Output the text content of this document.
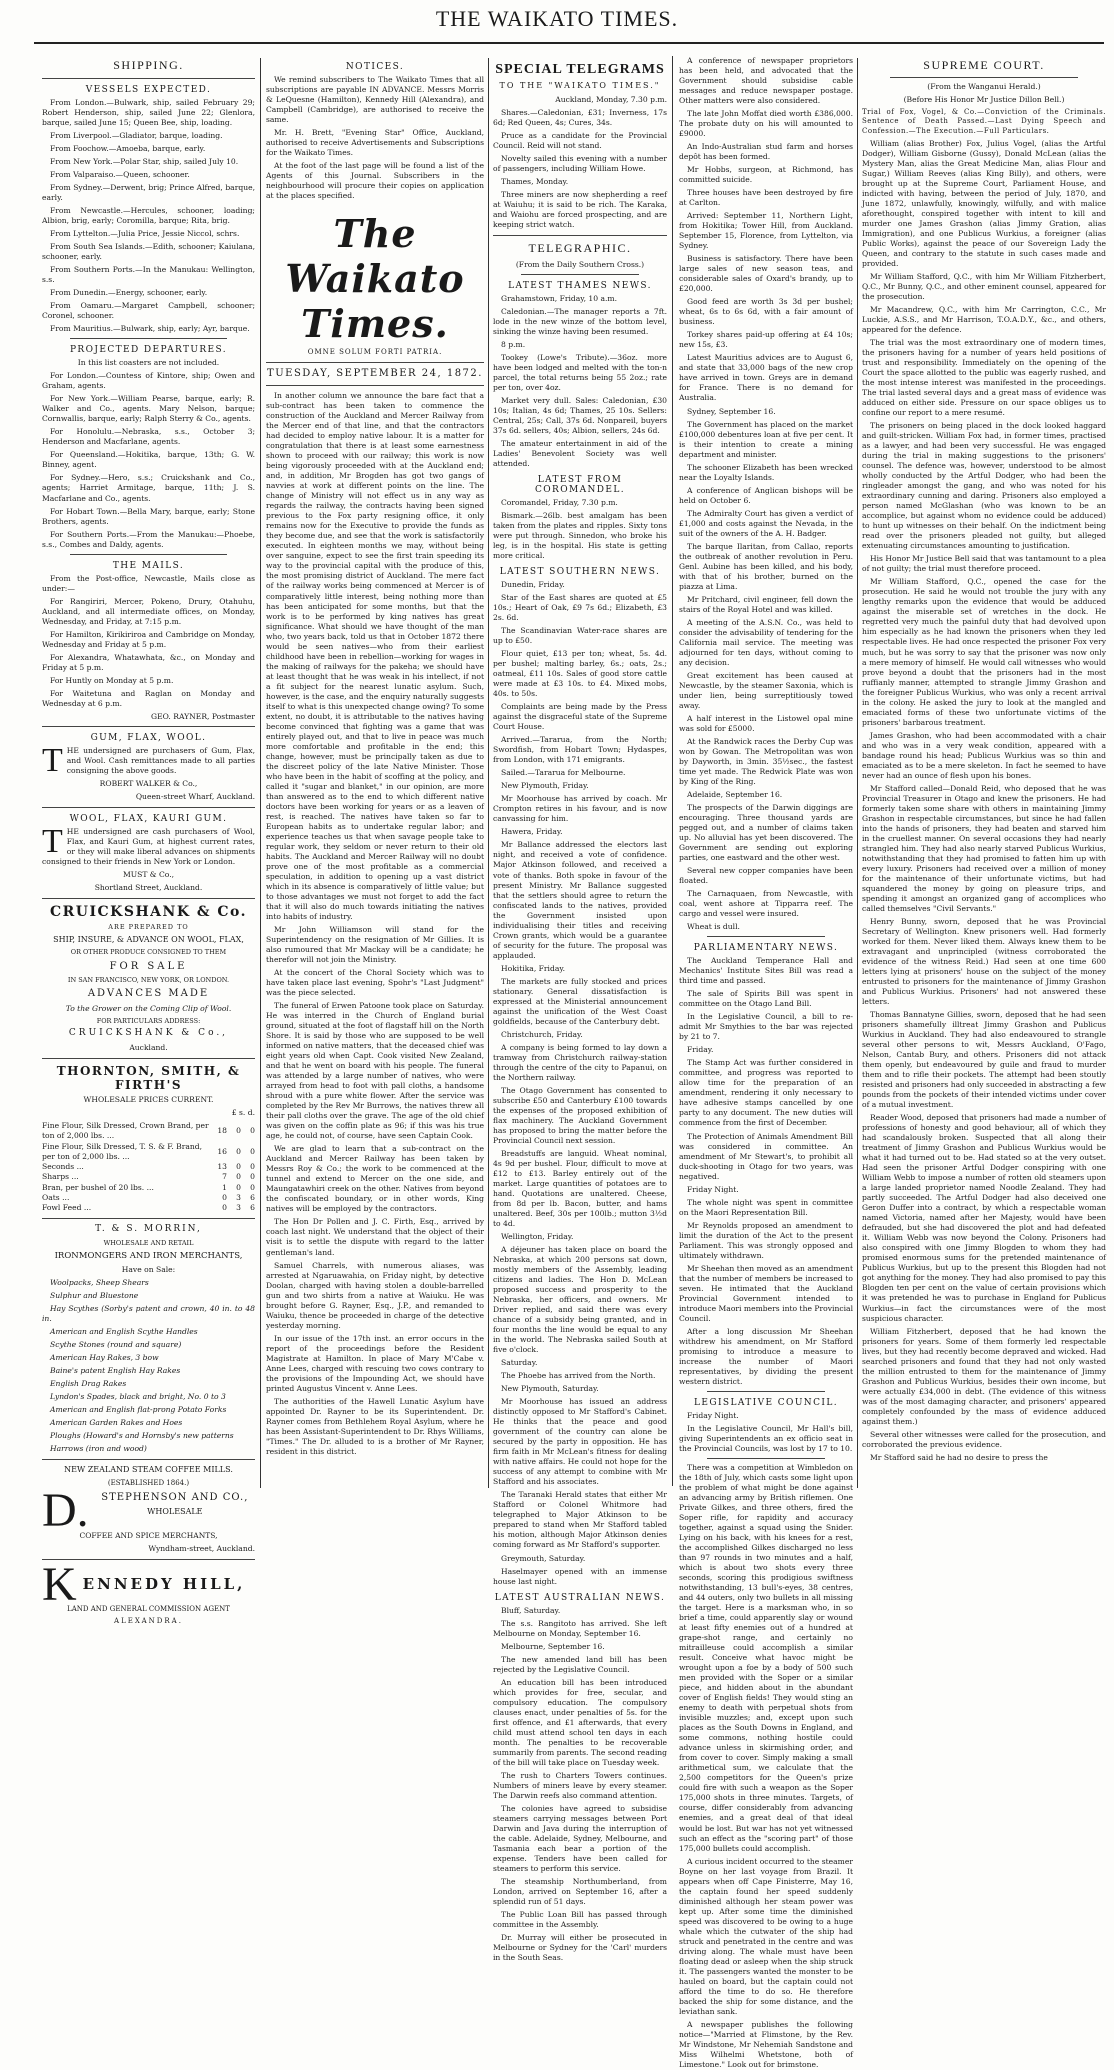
THE WAIKATO TIMES.
SHIPPING.
VESSELS EXPECTED.

From London.—Bulwark, ship, sailed February 29; Robert Henderson, ship, sailed June 22; Glenlora, barque, sailed June 15; Queen Bee, ship, loading.

From Liverpool.—Gladiator, barque, loading.

From Foochow.—Amoeba, barque, early.

From New York.—Polar Star, ship, sailed July 10.

From Valparaiso.—Queen, schooner.

From Sydney.—Derwent, brig; Prince Alfred, barque, early.

From Newcastle.—Hercules, schooner, loading; Albion, brig, early; Coromilla, barque; Rita, brig.

From Lyttelton.—Julia Price, Jessie Niccol, schrs.

From South Sea Islands.—Edith, schooner; Kaiulana, schooner, early.

From Southern Ports.—In the Manukau: Wellington, s.s.

From Dunedin.—Energy, schooner, early.

From Oamaru.—Margaret Campbell, schooner; Coronel, schooner.

From Mauritius.—Bulwark, ship, early; Ayr, barque.

PROJECTED DEPARTURES.

In this list coasters are not included.

For London.—Countess of Kintore, ship; Owen and Graham, agents.

For New York.—William Pearse, barque, early; R. Walker and Co., agents. Mary Nelson, barque; Cornwallis, barque, early; Ralph Sterry & Co., agents.

For Honolulu.—Nebraska, s.s., October 3; Henderson and Macfarlane, agents.

For Queensland.—Hokitika, barque, 13th; G. W. Binney, agent.

For Sydney.—Hero, s.s.; Cruickshank and Co., agents; Harriet Armitage, barque, 11th; J. S. Macfarlane and Co., agents.

For Hobart Town.—Bella Mary, barque, early; Stone Brothers, agents.

For Southern Ports.—From the Manukau:—Phoebe, s.s., Combes and Daldy, agents.

THE MAILS.

From the Post-office, Newcastle, Mails close as under:—

For Rangiriri, Mercer, Pokeno, Drury, Otahuhu, Auckland, and all intermediate offices, on Monday, Wednesday, and Friday, at 7:15 p.m.

For Hamilton, Kirikiriroa and Cambridge on Monday, Wednesday and Friday at 5 p.m.

For Alexandra, Whatawhata, &c., on Monday and Friday at 5 p.m.

For Huntly on Monday at 5 p.m.

For Waitetuna and Raglan on Monday and Wednesday at 6 p.m.

GEO. RAYNER, Postmaster
GUM, FLAX, WOOL.
T HE undersigned are purchasers of Gum, Flax, and Wool. Cash remittances made to all parties consigning the above goods.

ROBERT WALKER & Co.,

Queen-street Wharf, Auckland.

WOOL, FLAX, KAURI GUM.
T HE undersigned are cash purchasers of Wool, Flax, and Kauri Gum, at highest current rates, or they will make liberal advances on shipments consigned to their friends in New York or London.

MUST & Co.,

Shortland Street, Auckland.

CRUICKSHANK & Co.

ARE PREPARED TO

SHIP, INSURE, & ADVANCE ON WOOL, FLAX,

OR OTHER PRODUCE CONSIGNED TO THEM

FOR SALE

IN SAN FRANCISCO, NEW YORK, OR LONDON.

ADVANCES MADE

To the Grower on the Coming Clip of Wool.

FOR PARTICULARS ADDRESS:

CRUICKSHANK & Co.,

Auckland.

THORNTON, SMITH, & FIRTH'S

WHOLESALE PRICES CURRENT.

£ s. d.

Fine Flour, Silk Dressed, Crown Brand, per ton of 2,000 lbs. ...	18	0	0
Fine Flour, Silk Dressed, T. S. & F. Brand, per ton of 2,000 lbs. ...	16	0	0
Seconds ...	13	0	0
Sharps ...	7	0	0
Bran, per bushel of 20 lbs. ...	1	0	0
Oats ...	0	3	6
Fowl Feed ...	0	3	6

T. & S. MORRIN,

WHOLESALE AND RETAIL

IRONMONGERS AND IRON MERCHANTS,

Have on Sale:

Woolpacks, Sheep Shears

Sulphur and Bluestone

Hay Scythes (Sorby's patent and crown, 40 in. to 48 in.

American and English Scythe Handles

Scythe Stones (round and square)

American Hay Rakes, 3 bow

Baine's patent English Hay Rakes

English Drag Rakes

Lyndon's Spades, black and bright, No. 0 to 3

American and English flat-prong Potato Forks

American Garden Rakes and Hoes

Ploughs (Howard's and Hornsby's new patterns

Harrows (iron and wood)

NEW ZEALAND STEAM COFFEE MILLS.

(ESTABLISHED 1864.)

D.	STEPHENSON AND CO.,

WHOLESALE

COFFEE AND SPICE MERCHANTS,

Wyndham-street, Auckland.

K ENNEDY HILL,

LAND AND GENERAL COMMISSION AGENT

ALEXANDRA.

NOTICES.

We remind subscribers to The Waikato Times that all subscriptions are payable IN ADVANCE. Messrs Morris & LeQuesne (Hamilton), Kennedy Hill (Alexandra), and Campbell (Cambridge), are authorised to receive the same.

Mr. H. Brett, "Evening Star" Office, Auckland, authorised to receive Advertisements and Subscriptions for the Waikato Times.

At the foot of the last page will be found a list of the Agents of this Journal. Subscribers in the neighbourhood will procure their copies on application at the places specified.

The Waikato Times.
OMNE SOLUM FORTI PATRIA.
TUESDAY, SEPTEMBER 24, 1872.

In another column we announce the bare fact that a sub-contract has been taken to commence the construction of the Auckland and Mercer Railway from the Mercer end of that line, and that the contractors had decided to employ native labour. It is a matter for congratulation that there is at least some earnestness shown to proceed with our railway; this work is now being vigorously proceeded with at the Auckland end; and, in addition, Mr Brogden has got two gangs of navvies at work at different points on the line. The change of Ministry will not effect us in any way as regards the railway, the contracts having been signed previous to the Fox party resigning office, it only remains now for the Executive to provide the funds as they become due, and see that the work is satisfactorily executed. In eighteen months we may, without being over sanguine, expect to see the first train speeding its way to the provincial capital with the produce of this, the most promising district of Auckland. The mere fact of the railway works being commenced at Mercer is of comparatively little interest, being nothing more than has been anticipated for some months, but that the work is to be performed by king natives has great significance. What should we have thought of the man who, two years back, told us that in October 1872 there would be seen natives—who from their earliest childhood have been in rebellion—working for wages in the making of railways for the pakeha; we should have at least thought that he was weak in his intellect, if not a fit subject for the nearest lunatic asylum. Such, however, is the case, and the enquiry naturally suggests itself to what is this unexpected change owing? To some extent, no doubt, it is attributable to the natives having become convinced that fighting was a game that was entirely played out, and that to live in peace was much more comfortable and profitable in the end; this change, however, must be principally taken as due to the discreet policy of the late Native Minister. Those who have been in the habit of scoffing at the policy, and called it "sugar and blanket," in our opinion, are more than answered as to the end to which different native doctors have been working for years or as a leaven of rest, is reached. The natives have taken so far to European habits as to undertake regular labor; and experience teaches us that when savage people take to regular work, they seldom or never return to their old habits. The Auckland and Mercer Railway will no doubt prove one of the most profitable as a commercial speculation, in addition to opening up a vast district which in its absence is comparatively of little value; but to those advantages we must not forget to add the fact that it will also do much towards initiating the natives into habits of industry.

Mr John Williamson will stand for the Superintendency on the resignation of Mr Gillies. It is also rumoured that Mr Mackay will be a candidate; he therefor will not join the Ministry.

At the concert of the Choral Society which was to have taken place last evening, Spohr's "Last Judgment" was the piece selected.

The funeral of Erwen Patoone took place on Saturday. He was interred in the Church of England burial ground, situated at the foot of flagstaff hill on the North Shore. It is said by those who are supposed to be well informed on native matters, that the deceased chief was eight years old when Capt. Cook visited New Zealand, and that he went on board with his people. The funeral was attended by a large number of natives, who were arrayed from head to foot with pall cloths, a handsome shroud with a pure white flower. After the service was completed by the Rev Mr Burrows, the natives threw all their pall cloths over the grave. The age of the old chief was given on the coffin plate as 96; if this was his true age, he could not, of course, have seen Captain Cook.

We are glad to learn that a sub-contract on the Auckland and Mercer Railway has been taken by Messrs Roy & Co.; the work to be commenced at the tunnel and extend to Mercer on the one side, and Maungatawhiri creek on the other. Natives from beyond the confiscated boundary, or in other words, King natives will be employed by the contractors.

The Hon Dr Pollen and J. C. Firth, Esq., arrived by coach last night. We understand that the object of their visit is to settle the dispute with regard to the latter gentleman's land.

Samuel Charrels, with numerous aliases, was arrested at Ngaruawahia, on Friday night, by detective Doolan, charged with having stolen a double-barrelled gun and two shirts from a native at Waiuku. He was brought before G. Rayner, Esq., J.P., and remanded to Waiuku, thence be proceeded in charge of the detective yesterday morning.

In our issue of the 17th inst. an error occurs in the report of the proceedings before the Resident Magistrate at Hamilton. In place of Mary M'Cabe v. Anne Lees, charged with rescuing two cows contrary to the provisions of the Impounding Act, we should have printed Augustus Vincent v. Anne Lees.

The authorities of the Hawell Lunatic Asylum have appointed Dr. Rayner to be its Superintendent. Dr. Rayner comes from Bethlehem Royal Asylum, where he has been Assistant-Superintendent to Dr. Rhys Williams, "Times." The Dr. alluded to is a brother of Mr Rayner, resident in this district.

SPECIAL TELEGRAMS

TO THE "WAIKATO TIMES."

Auckland, Monday, 7.30 p.m.

Shares.—Caledonian, £31; Inverness, 17s 6d; Red Queen, 4s; Cures, 34s.

Pruce as a candidate for the Provincial Council. Reid will not stand.

Novelty sailed this evening with a number of passengers, including William Howe.

Thames, Monday.

Three miners are now shepherding a reef at Waiuhu; it is said to be rich. The Karaka, and Waiohu are forced prospecting, and are keeping strict watch.

TELEGRAPHIC.

(From the Daily Southern Cross.)

LATEST THAMES NEWS.

Grahamstown, Friday, 10 a.m.

Caledonian.—The manager reports a 7ft. lode in the new winze of the bottom level, sinking the winze having been resumed.

8 p.m.

Tookey (Lowe's Tribute).—36oz. more have been lodged and melted with the ton-n parcel, the total returns being 55 2oz.; rate per ton, over 4oz.

Market very dull. Sales: Caledonian, £30 10s; Italian, 4s 6d; Thames, 25 10s. Sellers: Central, 25s; Call, 37s 6d. Nonpareil, buyers 37s 6d. sellers, 40s; Albion, sellers, 24s 6d.

The amateur entertainment in aid of the Ladies' Benevolent Society was well attended.

LATEST FROM COROMANDEL.

Coromandel, Friday, 7.30 p.m.

Bismark.—26lb. best amalgam has been taken from the plates and ripples. Sixty tons were put through. Sinnedon, who broke his leg, is in the hospital. His state is getting more critical.

LATEST SOUTHERN NEWS.

Dunedin, Friday.

Star of the East shares are quoted at £5 10s.; Heart of Oak, £9 7s 6d.; Elizabeth, £3 2s. 6d.

The Scandinavian Water-race shares are up to £50.

Flour quiet, £13 per ton; wheat, 5s. 4d. per bushel; malting barley, 6s.; oats, 2s.; oatmeal, £11 10s. Sales of good store cattle were made at £3 10s. to £4. Mixed mobs, 40s. to 50s.

Complaints are being made by the Press against the disgraceful state of the Supreme Court House.

Arrived.—Tararua, from the North; Swordfish, from Hobart Town; Hydaspes, from London, with 171 emigrants.

Sailed.—Tararua for Melbourne.

New Plymouth, Friday.

Mr Moorhouse has arrived by coach. Mr Crompton retires in his favour, and is now canvassing for him.

Hawera, Friday.

Mr Ballance addressed the electors last night, and received a vote of confidence. Major Atkinson followed, and received a vote of thanks. Both spoke in favour of the present Ministry. Mr Ballance suggested that the settlers should agree to return the confiscated lands to the natives, provided the Government insisted upon individualising their titles and receiving Crown grants, which would be a guarantee of security for the future. The proposal was applauded.

Hokitika, Friday.

The markets are fully stocked and prices stationary. General dissatisfaction is expressed at the Ministerial announcement against the unification of the West Coast goldfields, because of the Canterbury debt.

Christchurch, Friday.

A company is being formed to lay down a tramway from Christchurch railway-station through the centre of the city to Papanui, on the Northern railway.

The Otago Government has consented to subscribe £50 and Canterbury £100 towards the expenses of the proposed exhibition of flax machinery. The Auckland Government has proposed to bring the matter before the Provincial Council next session.

Breadstuffs are languid. Wheat nominal, 4s 9d per bushel. Flour, difficult to move at £12 to £13. Barley entirely out of the market. Large quantities of potatoes are to hand. Quotations are unaltered. Cheese, from 8d per lb. Bacon, butter, and hams unaltered. Beef, 30s per 100lb.; mutton 3½d to 4d.

Wellington, Friday.

A déjeuner has taken place on board the Nebraska, at which 200 persons sat down, mostly members of the Assembly, leading citizens and ladies. The Hon D. McLean proposed success and prosperity to the Nebraska, her officers, and owners. Mr Driver replied, and said there was every chance of a subsidy being granted, and in four months the line would be equal to any in the world. The Nebraska sailed South at five o'clock.

Saturday.

The Phoebe has arrived from the North.

New Plymouth, Saturday.

Mr Moorhouse has issued an address distinctly opposed to Mr Stafford's Cabinet. He thinks that the peace and good government of the country can alone be secured by the party in opposition. He has firm faith in Mr McLean's fitness for dealing with native affairs. He could not hope for the success of any attempt to combine with Mr Stafford and his associates.

The Taranaki Herald states that either Mr Stafford or Colonel Whitmore had telegraphed to Major Atkinson to be prepared to stand when Mr Stafford tabled his motion, although Major Atkinson denies coming forward as Mr Stafford's supporter.

Greymouth, Saturday.

Haselmayer opened with an immense house last night.

LATEST AUSTRALIAN NEWS.

Bluff, Saturday.

The s.s. Rangitoto has arrived. She left Melbourne on Monday, September 16.

Melbourne, September 16.

The new amended land bill has been rejected by the Legislative Council.

An education bill has been introduced which provides for free, secular, and compulsory education. The compulsory clauses enact, under penalties of 5s. for the first offence, and £1 afterwards, that every child must attend school ten days in each month. The penalties to be recoverable summarily from parents. The second reading of the bill will take place on Tuesday week.

The rush to Charters Towers continues. Numbers of miners leave by every steamer. The Darwin reefs also command attention.

The colonies have agreed to subsidise steamers carrying messages between Port Darwin and Java during the interruption of the cable. Adelaide, Sydney, Melbourne, and Tasmania each bear a portion of the expense. Tenders have been called for steamers to perform this service.

The steamship Northumberland, from London, arrived on September 16, after a splendid run of 51 days.

The Public Loan Bill has passed through committee in the Assembly.

Dr. Murray will either be prosecuted in Melbourne or Sydney for the 'Carl' murders in the South Seas.

A conference of newspaper proprietors has been held, and advocated that the Government should subsidise cable messages and reduce newspaper postage. Other matters were also considered.

The late John Moffat died worth £386,000. The probate duty on his will amounted to £9000.

An Indo-Australian stud farm and horses depôt has been formed.

Mr Hobbs, surgeon, at Richmond, has committed suicide.

Three houses have been destroyed by fire at Carlton.

Arrived: September 11, Northern Light, from Hokitika; Tower Hill, from Auckland. September 15, Florence, from Lyttelton, via Sydney.

Business is satisfactory. There have been large sales of new season teas, and considerable sales of Oxard's brandy, up to £20,000.

Good feed are worth 3s 3d per bushel; wheat, 6s to 6s 6d, with a fair amount of business.

Torkey shares paid-up offering at £4 10s; new 15s, £3.

Latest Mauritius advices are to August 6, and state that 33,000 bags of the new crop have arrived in town. Greys are in demand for France. There is no demand for Australia.

Sydney, September 16.

The Government has placed on the market £100,000 debentures loan at five per cent. It is their intention to create a mining department and minister.

The schooner Elizabeth has been wrecked near the Loyalty Islands.

A conference of Anglican bishops will be held on October 6.

The Admiralty Court has given a verdict of £1,000 and costs against the Nevada, in the suit of the owners of the A. H. Badger.

The barque Ilaritan, from Callao, reports the outbreak of another revolution in Peru. Genl. Aubine has been killed, and his body, with that of his brother, burned on the piazza at Lima.

Mr Pritchard, civil engineer, fell down the stairs of the Royal Hotel and was killed.

A meeting of the A.S.N. Co., was held to consider the advisability of tendering for the California mail service. The meeting was adjourned for ten days, without coming to any decision.

Great excitement has been caused at Newcastle, by the steamer Saxonia, which is under lien, being surreptitiously towed away.

A half interest in the Listowel opal mine was sold for £5000.

At the Randwick races the Derby Cup was won by Gowan. The Metropolitan was won by Dayworth, in 3min. 35½sec., the fastest time yet made. The Redwick Plate was won by King of the Ring.

Adelaide, September 16.

The prospects of the Darwin diggings are encouraging. Three thousand yards are pegged out, and a number of claims taken up. No alluvial has yet been discovered. The Government are sending out exploring parties, one eastward and the other west.

Several new copper companies have been floated.

The Carnaquaen, from Newcastle, with coal, went ashore at Tipparra reef. The cargo and vessel were insured.

Wheat is dull.

PARLIAMENTARY NEWS.

The Auckland Temperance Hall and Mechanics' Institute Sites Bill was read a third time and passed.

The sale of Spirits Bill was spent in committee on the Otago Land Bill.

In the Legislative Council, a bill to re-admit Mr Smythies to the bar was rejected by 21 to 7.

Friday.

The Stamp Act was further considered in committee, and progress was reported to allow time for the preparation of an amendment, rendering it only necessary to have adhesive stamps cancelled by one party to any document. The new duties will commence from the first of December.

The Protection of Animals Amendment Bill was considered in committee. An amendment of Mr Stewart's, to prohibit all duck-shooting in Otago for two years, was negatived.

Friday Night.

The whole night was spent in committee on the Maori Representation Bill.

Mr Reynolds proposed an amendment to limit the duration of the Act to the present Parliament. This was strongly opposed and ultimately withdrawn.

Mr Sheehan then moved as an amendment that the number of members be increased to seven. He intimated that the Auckland Provincial Government intended to introduce Maori members into the Provincial Council.

After a long discussion Mr Sheehan withdrew his amendment, on Mr Stafford promising to introduce a measure to increase the number of Maori representatives, by dividing the present western district.

LEGISLATIVE COUNCIL.

Friday Night.

In the Legislative Council, Mr Hall's bill, giving Superintendents an ex officio seat in the Provincial Councils, was lost by 17 to 10.

There was a competition at Wimbledon on the 18th of July, which casts some light upon the problem of what might be done against an advancing army by British riflemen. One Private Gilkes, and three others, fired the Soper rifle, for rapidity and accuracy together, against a squad using the Snider. Lying on his back, with his knees for a rest, the accomplished Gilkes discharged no less than 97 rounds in two minutes and a half, which is about two shots every three seconds, scoring this prodigious swiftness notwithstanding, 13 bull's-eyes, 38 centres, and 44 outers, only two bullets in all missing the target. Here is a marksman who, in so brief a time, could apparently slay or wound at least fifty enemies out of a hundred at grape-shot range, and certainly no mitrailleuse could accomplish a similar result. Conceive what havoc might be wrought upon a foe by a body of 500 such men provided with the Soper or a similar piece, and hidden about in the abundant cover of English fields! They would sting an enemy to death with perpetual shots from invisible muzzles; and, except upon such places as the South Downs in England, and some commons, nothing hostile could advance unless in skirmishing order, and from cover to cover. Simply making a small arithmetical sum, we calculate that the 2,500 competitors for the Queen's prize could fire with such a weapon as the Soper 175,000 shots in three minutes. Targets, of course, differ considerably from advancing enemies, and a great deal of that ideal would be lost. But war has not yet witnessed such an effect as the "scoring part" of those 175,000 bullets could accomplish.

A curious incident occurred to the steamer Boyne on her last voyage from Brazil. It appears when off Cape Finisterre, May 16, the captain found her speed suddenly diminished although her steam power was kept up. After some time the diminished speed was discovered to be owing to a huge whale which the cutwater of the ship had struck and penetrated in the centre and was driving along. The whale must have been floating dead or asleep when the ship struck it. The passengers wanted the monster to be hauled on board, but the captain could not afford the time to do so. He therefore backed the ship for some distance, and the leviathan sank.

A newspaper publishes the following notice—"Married at Flimstone, by the Rev. Mr Windstone, Mr Nehemiah Sandstone and Miss Wilhelmi Whetstone, both of Limestone." Look out for brimstone.

SUPREME COURT.

(From the Wanganui Herald.)

(Before His Honor Mr Justice Dillon Bell.)

Trial of Fox, Vogel, & Co.—Conviction of the Criminals. Sentence of Death Passed.—Last Dying Speech and Confession.—The Execution.—Full Particulars.

William (alias Brother) Fox, Julius Vogel, (alias the Artful Dodger), William Gisborne (Gussy), Donald McLean (alias the Mystery Man, alias the Great Medicine Man, alias Flour and Sugar,) William Reeves (alias King Billy), and others, were brought up at the Supreme Court, Parliament House, and indicted with having, between the period of July, 1870, and June 1872, unlawfully, knowingly, wilfully, and with malice aforethought, conspired together with intent to kill and murder one James Grashon (alias Jimmy Gration, alias Immigration), and one Publicus Wurkius, a foreigner (alias Public Works), against the peace of our Sovereign Lady the Queen, and contrary to the statute in such cases made and provided.

Mr William Stafford, Q.C., with him Mr William Fitzherbert, Q.C., Mr Bunny, Q.C., and other eminent counsel, appeared for the prosecution.

Mr Macandrew, Q.C., with him Mr Carrington, C.C., Mr Luckie, A.S.S., and Mr Harrison, T.O.A.D.Y., &c., and others, appeared for the defence.

The trial was the most extraordinary one of modern times, the prisoners having for a number of years held positions of trust and responsibility. Immediately on the opening of the Court the space allotted to the public was eagerly rushed, and the most intense interest was manifested in the proceedings. The trial lasted several days and a great mass of evidence was adduced on either side. Pressure on our space obliges us to confine our report to a mere resumé.

The prisoners on being placed in the dock looked haggard and guilt-stricken. William Fox had, in former times, practised as a lawyer, and had been very successful. He was engaged during the trial in making suggestions to the prisoners' counsel. The defence was, however, understood to be almost wholly conducted by the Artful Dodger, who had been the ringleader amongst the gang, and who was noted for his extraordinary cunning and daring. Prisoners also employed a person named McGlashan (who was known to be an accomplice, but against whom no evidence could be adduced) to hunt up witnesses on their behalf. On the indictment being read over the prisoners pleaded not guilty, but alleged extenuating circumstances amounting to justification.

His Honor Mr Justice Bell said that was tantamount to a plea of not guilty; the trial must therefore proceed.

Mr William Stafford, Q.C., opened the case for the prosecution. He said he would not trouble the jury with any lengthy remarks upon the evidence that would be adduced against the miserable set of wretches in the dock. He regretted very much the painful duty that had devolved upon him especially as he had known the prisoners when they led respectable lives. He had once respected the prisoner Fox very much, but he was sorry to say that the prisoner was now only a mere memory of himself. He would call witnesses who would prove beyond a doubt that the prisoners had in the most ruffianly manner, attempted to strangle Jimmy Grashon and the foreigner Publicus Wurkius, who was only a recent arrival in the colony. He asked the jury to look at the mangled and emaciated forms of these two unfortunate victims of the prisoners' barbarous treatment.

James Grashon, who had been accommodated with a chair and who was in a very weak condition, appeared with a bandage round his head; Publicus Wurkius was so thin and emaciated as to be a mere skeleton. In fact he seemed to have never had an ounce of flesh upon his bones.

Mr Stafford called—Donald Reid, who deposed that he was Provincial Treasurer in Otago and knew the prisoners. He had formerly taken some share with others in maintaining Jimmy Grashon in respectable circumstances, but since he had fallen into the hands of prisoners, they had beaten and starved him in the cruellest manner. On several occasions they had nearly strangled him. They had also nearly starved Publicus Wurkius, notwithstanding that they had promised to fatten him up with every luxury. Prisoners had received over a million of money for the maintenance of their unfortunate victims, but had squandered the money by going on pleasure trips, and spending it amongst an organized gang of accomplices who called themselves "Civil Servants."

Henry Bunny, sworn, deposed that he was Provincial Secretary of Wellington. Knew prisoners well. Had formerly worked for them. Never liked them. Always knew them to be extravagant and unprincipled (witness corroborated the evidence of the witness Reid.) Had seen at one time 600 letters lying at prisoners' house on the subject of the money entrusted to prisoners for the maintenance of Jimmy Grashon and Publicus Wurkius. Prisoners' had not answered these letters.

Thomas Bannatyne Gillies, sworn, deposed that he had seen prisoners shamefully illtreat Jimmy Grashon and Publicus Wurkius in Auckland. They had also endeavoured to strangle several other persons to wit, Messrs Auckland, O'Fago, Nelson, Cantab Bury, and others. Prisoners did not attack them openly, but endeavoured by guile and fraud to murder them and to rifle their pockets. The attempt had been stoutly resisted and prisoners had only succeeded in abstracting a few pounds from the pockets of their intended victims under cover of a mutual investment.

Reader Wood, deposed that prisoners had made a number of professions of honesty and good behaviour, all of which they had scandalously broken. Suspected that all along their treatment of Jimmy Grashon and Publicus Wurkius would be what it had turned out to be. Had stated so at the very outset. Had seen the prisoner Artful Dodger conspiring with one William Webb to impose a number of rotten old steamers upon a large landed proprietor named Noodle Zealand. They had partly succeeded. The Artful Dodger had also deceived one Geron Duffer into a contract, by which a respectable woman named Victoria, named after her Majesty, would have been defrauded, but she had discovered the plot and had defeated it. William Webb was now beyond the Colony. Prisoners had also conspired with one Jimmy Blogden to whom they had promised enormous sums for the pretended maintenance of Publicus Wurkius, but up to the present this Blogden had not got anything for the money. They had also promised to pay this Blogden ten per cent on the value of certain provisions which it was pretended he was to purchase in England for Publicus Wurkius—in fact the circumstances were of the most suspicious character.

William Fitzherbert, deposed that he had known the prisoners for years. Some of them formerly led respectable lives, but they had recently become depraved and wicked. Had searched prisoners and found that they had not only wasted the million entrusted to them for the maintenance of Jimmy Grashon and Publicus Wurkius, besides their own income, but were actually £34,000 in debt. (The evidence of this witness was of the most damaging character, and prisoners' appeared completely confounded by the mass of evidence adduced against them.)

Several other witnesses were called for the prosecution, and corroborated the previous evidence.

Mr Stafford said he had no desire to press the
